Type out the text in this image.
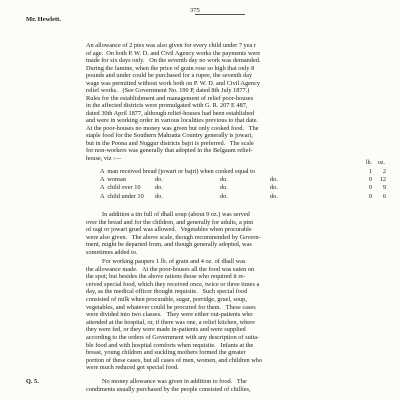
375
Mr. Hewlett.
An allowance of 2 pies was also given for every child under 7 yea r
of age.  On both P. W. D. and Civil Agency works the payments were
made for six days only.   On the seventh day no work was demanded.
During the famine, when the price of grain rose so high that only 8
pounds and under could be purchased for a rupee, the seventh day
wage was permitted without work both on P. W. D. and Civil Agency
relief works.   (See Government No. 190 P, dated 8th July 1877.)
Rules for the establishment and management of relief poor-houses
in the affected districts were promulgated with G. R. 207 E 487,
dated 30th April 1877, although relief-houses had been established
and were in working order in various localities previous to that date.
At the poor-houses no money was given but only cooked food.   The
staple food for the Southern Mahratta Country generally is jowari,
but in the Poona and Nuggur districts bajri is preferred.   The scale
for non-workers was generally that adopted in the Belgaum relief-
house, viz :—
lb. oz.
A  man received bread (jowari or bajri) when cooked equal to	1	2
A  woman	do.	do.	do.	0	12
A  child over 10 do.	do.	do.	0	9
A  child under 10 do.	do.	do.	0	6
In addition a tin full of dhall soup (about 9 oz.) was served
over the bread and for the children, and generally for adults, a pint
of ragi or jowari gruel was allowed.   Vegetables when procurable
were also given.   The above scale, though recommended by Govern-
ment, might be departed from, and though generally adopted, was
sometimes added to.
For working paupers 1 lb. of grain and 4 oz. of dhall was
the allowance made.   At the poor-houses all the food was eaten on
the spot; but besides the above rations those who required it re-
ceived special food, which they received once, twice or three times a
day, as the medical officer thought requisite.   Such special food
consisted of milk when procurable, sugar, porridge, gruel, soup,
vegetables, and whatever could be procured for them.   These cases
were divided into two classes.   They were either out-patients who
attended at the hospital, or, if there was one, a relief kitchen, where
they were fed, or they were made in-patients and were supplied
according to the orders of Government with any description of suita-
ble food and with hospital comforts when requisite.   Infants at the
breast, young children and suckling mothers formed the greater
portion of these cases, but all cases of men, women, and children who
were much reduced got special food.
Q. 5.	No money allowance was given in addition to food.   The
condiments usually purchased by the people consisted of chillies,
